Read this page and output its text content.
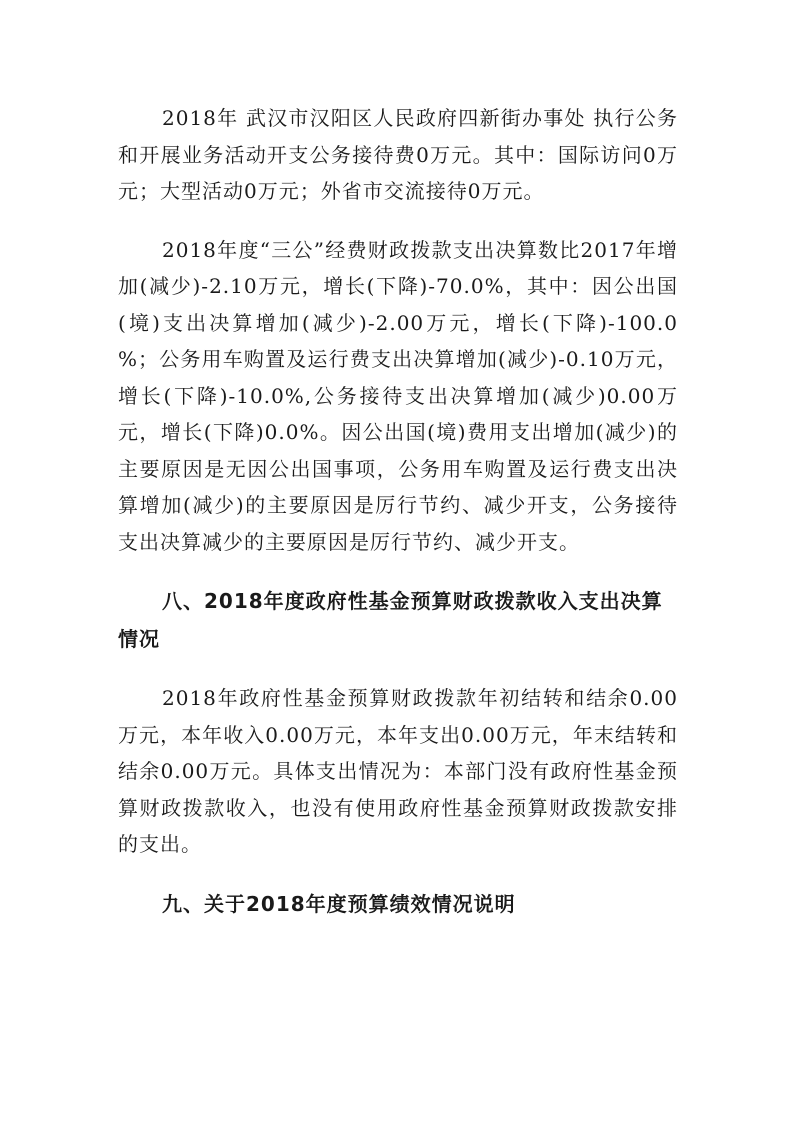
2018年 武汉市汉阳区人民政府四新街办事处 执行公务和开展业务活动开支公务接待费0万元。其中：国际访问0万元；大型活动0万元；外省市交流接待0万元。

2018年度“三公”经费财政拨款支出决算数比2017年增加(减少)-2.10万元，增长(下降)-70.0%，其中：因公出国(境)支出决算增加(减少)-2.00万元，增长(下降)-100.0 %；公务用车购置及运行费支出决算增加(减少)-0.10万元，增长(下降)-10.0%,公务接待支出决算增加(减少)0.00万元，增长(下降)0.0%。因公出国(境)费用支出增加(减少)的主要原因是无因公出国事项，公务用车购置及运行费支出决算增加(减少)的主要原因是厉行节约、减少开支，公务接待支出决算减少的主要原因是厉行节约、减少开支。

八、2018年度政府性基金预算财政拨款收入支出决算情况

2018年政府性基金预算财政拨款年初结转和结余0.00万元，本年收入0.00万元，本年支出0.00万元，年末结转和结余0.00万元。具体支出情况为：本部门没有政府性基金预算财政拨款收入，也没有使用政府性基金预算财政拨款安排的支出。

九、关于2018年度预算绩效情况说明
